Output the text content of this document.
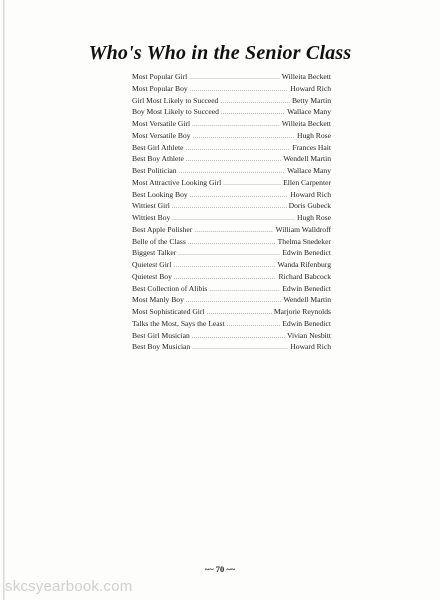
Who's Who in the Senior Class
Most Popular Girl .....	Willeita Beckett
Most Popular Boy .....	Howard Rich
Girl Most Likely to Succeed .....	Betty Martin
Boy Most Likely to Succeed .....	Wallace Many
Most Versatile Girl .....	Willeita Beckett
Most Versatile Boy .....	Hugh Rose
Best Girl Athlete .....	Frances Hait
Best Boy Athlete .....	Wendell Martin
Best Politician .....	Wallace Many
Most Attractive Looking Girl .....	Ellen Carpenter
Best Looking Boy .....	Howard Rich
Wittiest Girl .....	Doris Gubeck
Wittiest Boy .....	Hugh Rose
Best Apple Polisher .....	William Walldroff
Belle of the Class .....	Thelma Snedeker
Biggest Talker .....	Edwin Benedict
Quietest Girl .....	Wanda Rifenburg
Quietest Boy .....	Richard Babcock
Best Collection of Alibis .....	Edwin Benedict
Most Manly Boy .....	Wendell Martin
Most Sophisticated Girl .....	Marjorie Reynolds
Talks the Most, Says the Least .....	Edwin Benedict
Best Girl Musician .....	Vivian Nesbitt
Best Boy Musician .....	Howard Rich
~~ 70 ~~
skcsyearbook.com
